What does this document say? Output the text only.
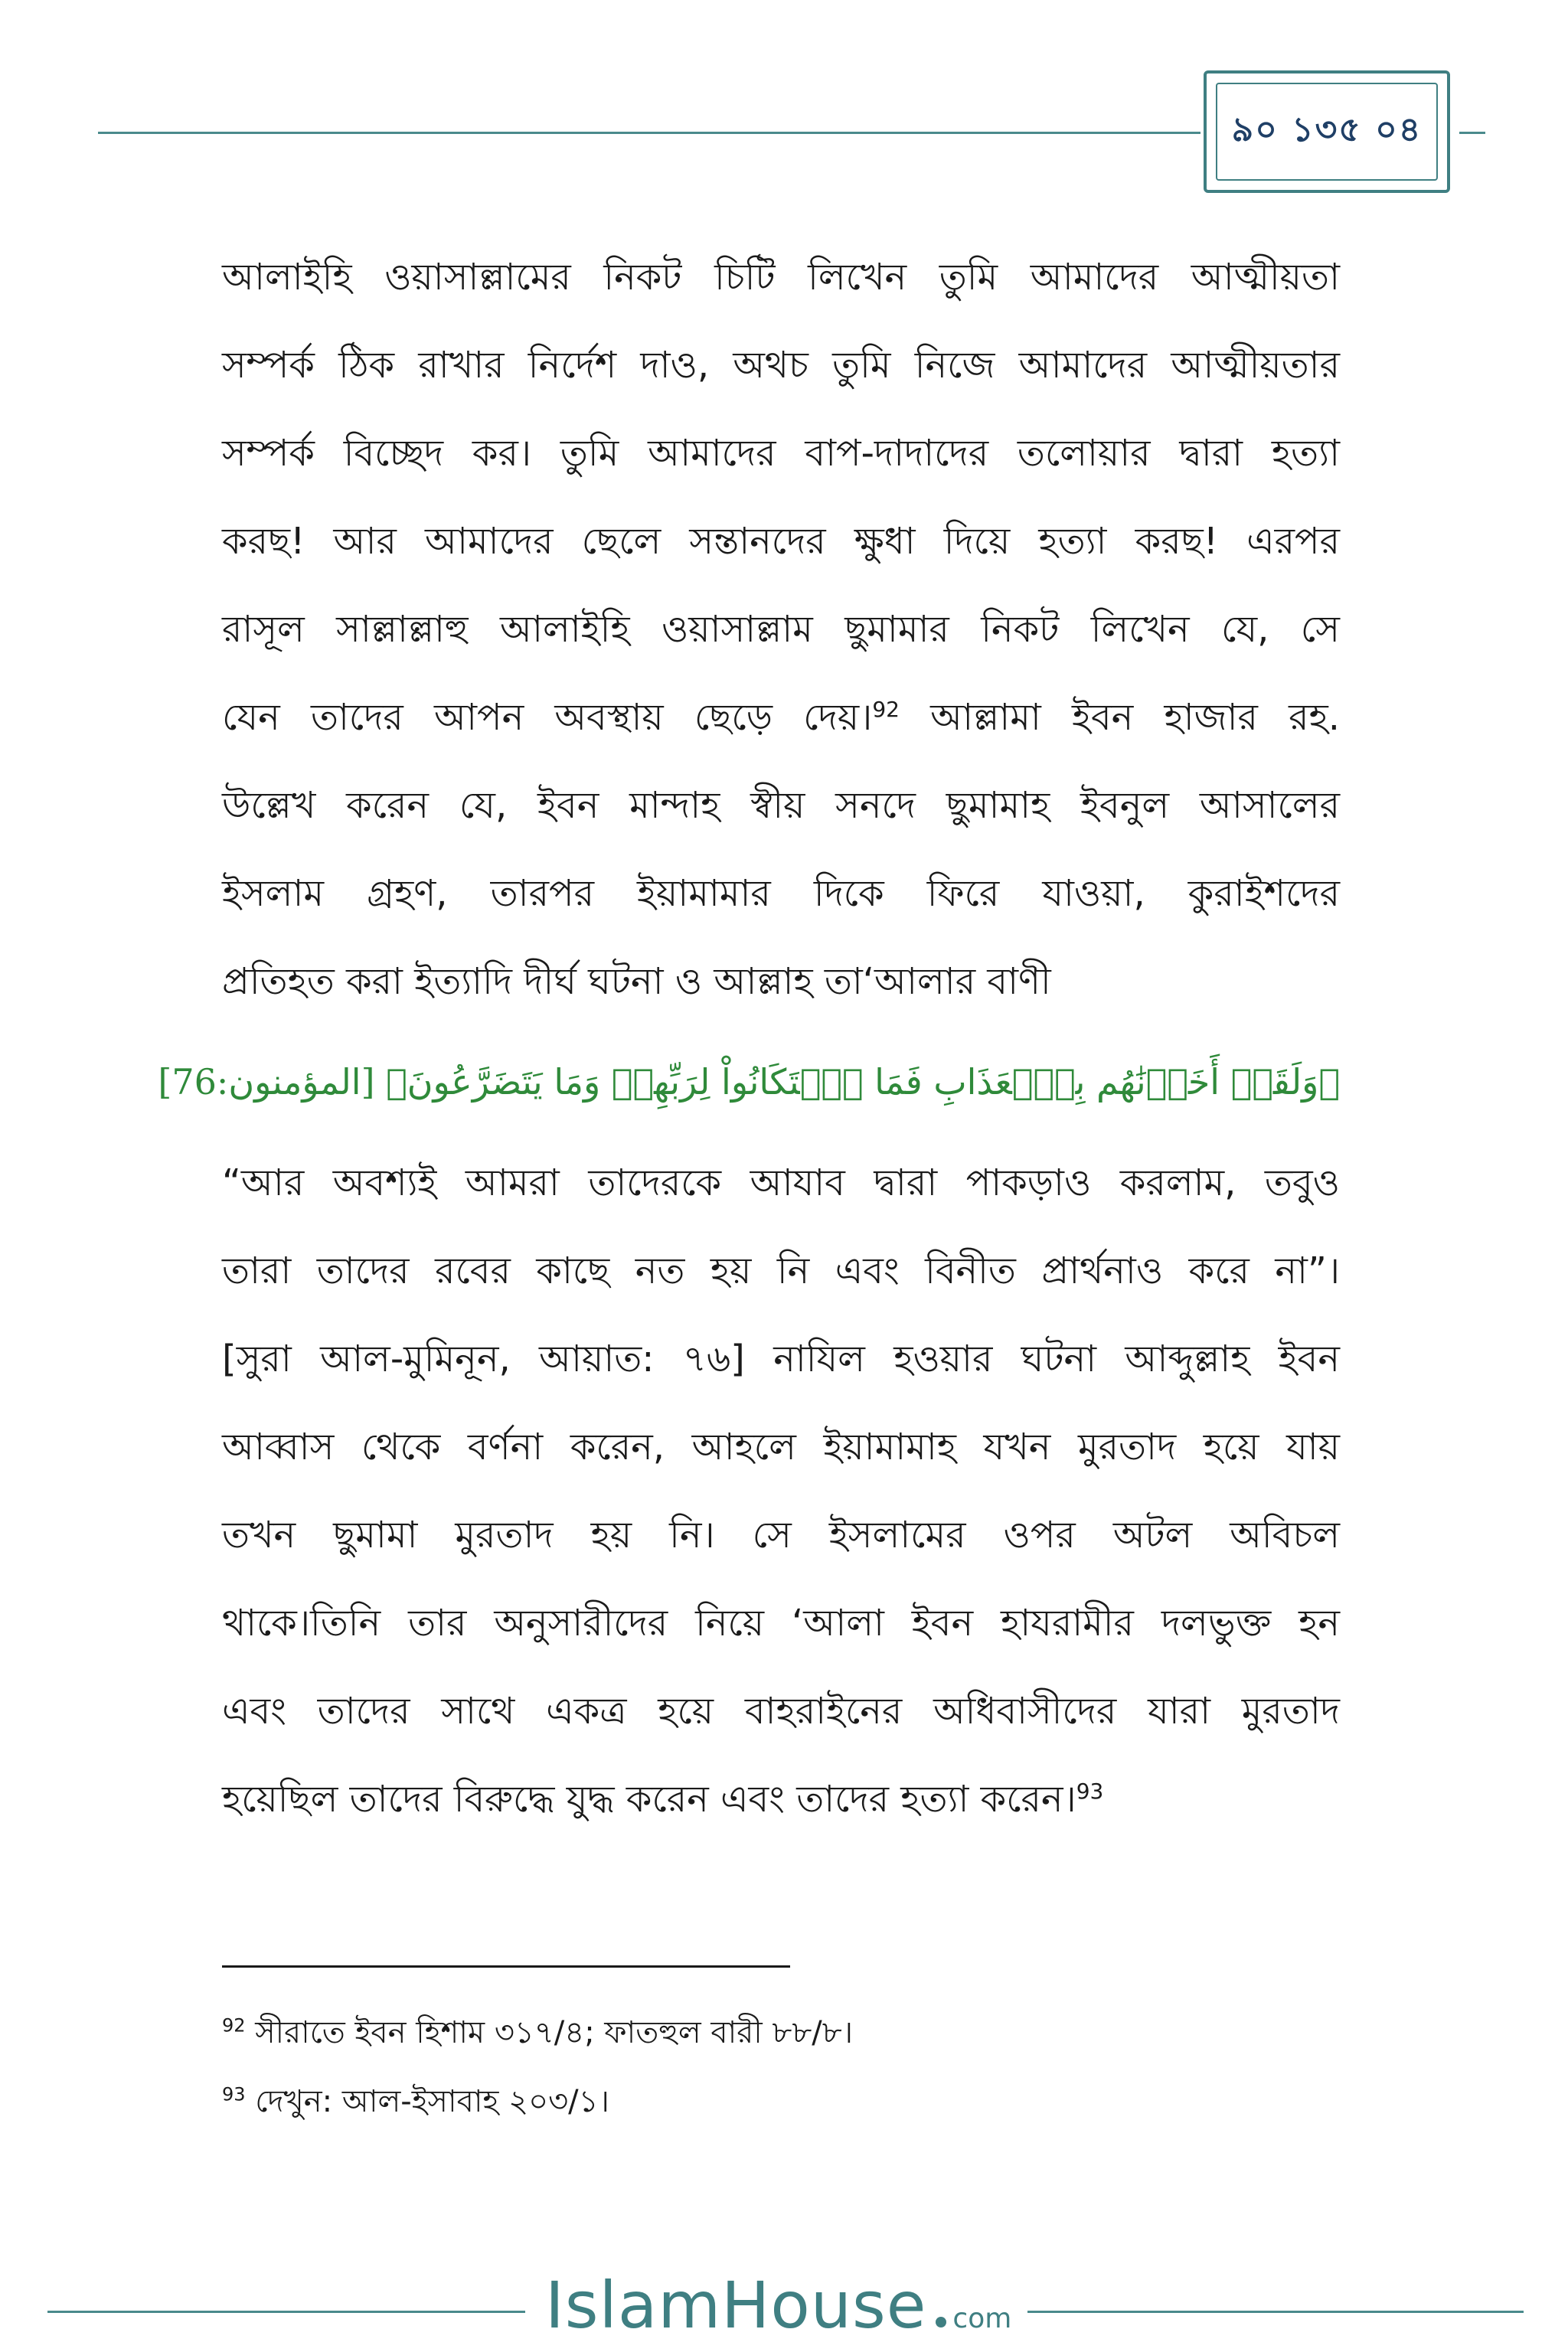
৯০ ১৩৫ ০৪

আলাইহি ওয়াসাল্লামের নিকট চিটি লিখেন তুমি আমাদের আত্মীয়তা

সম্পর্ক ঠিক রাখার নির্দেশ দাও, অথচ তুমি নিজে আমাদের আত্মীয়তার

সম্পর্ক বিচ্ছেদ কর। তুমি আমাদের বাপ-দাদাদের তলোয়ার দ্বারা হত্যা

করছ! আর আমাদের ছেলে সন্তানদের ক্ষুধা দিয়ে হত্যা করছ! এরপর

রাসূল সাল্লাল্লাহু আলাইহি ওয়াসাল্লাম ছুমামার নিকট লিখেন যে, সে

যেন তাদের আপন অবস্থায় ছেড়ে দেয়।$^{92}$ আল্লামা ইবন হাজার রহ.

উল্লেখ করেন যে, ইবন মান্দাহ স্বীয় সনদে ছুমামাহ ইবনুল আসালের

ইসলাম গ্রহণ, তারপর ইয়ামামার দিকে ফিরে যাওয়া, কুরাইশদের

প্রতিহত করা ইত্যাদি দীর্ঘ ঘটনা ও আল্লাহ তা‘আলার বাণী

﴿وَلَقَدۡ أَخَذۡنَٰهُم بِٱلۡعَذَابِ فَمَا ٱسۡتَكَانُواْ لِرَبِّهِمۡ وَمَا يَتَضَرَّعُونَ﴾ [المؤمنون:76]

“আর অবশ্যই আমরা তাদেরকে আযাব দ্বারা পাকড়াও করলাম, তবুও

তারা তাদের রবের কাছে নত হয় নি এবং বিনীত প্রার্থনাও করে না”।

[সুরা আল-মুমিনূন, আয়াত: ৭৬] নাযিল হওয়ার ঘটনা আব্দুল্লাহ ইবন

আব্বাস থেকে বর্ণনা করেন, আহলে ইয়ামামাহ যখন মুরতাদ হয়ে যায়

তখন ছুমামা মুরতাদ হয় নি। সে ইসলামের ওপর অটল অবিচল

থাকে।তিনি তার অনুসারীদের নিয়ে ‘আলা ইবন হাযরামীর দলভুক্ত হন

এবং তাদের সাথে একত্র হয়ে বাহরাইনের অধিবাসীদের যারা মুরতাদ

হয়েছিল তাদের বিরুদ্ধে যুদ্ধ করেন এবং তাদের হত্যা করেন।$^{93}$

$^{92}$ সীরাতে ইবন হিশাম ৩১৭/৪; ফাতহুল বারী ৮৮/৮।

$^{93}$ দেখুন: আল-ইসাবাহ ২০৩/১।

IslamHouse com
